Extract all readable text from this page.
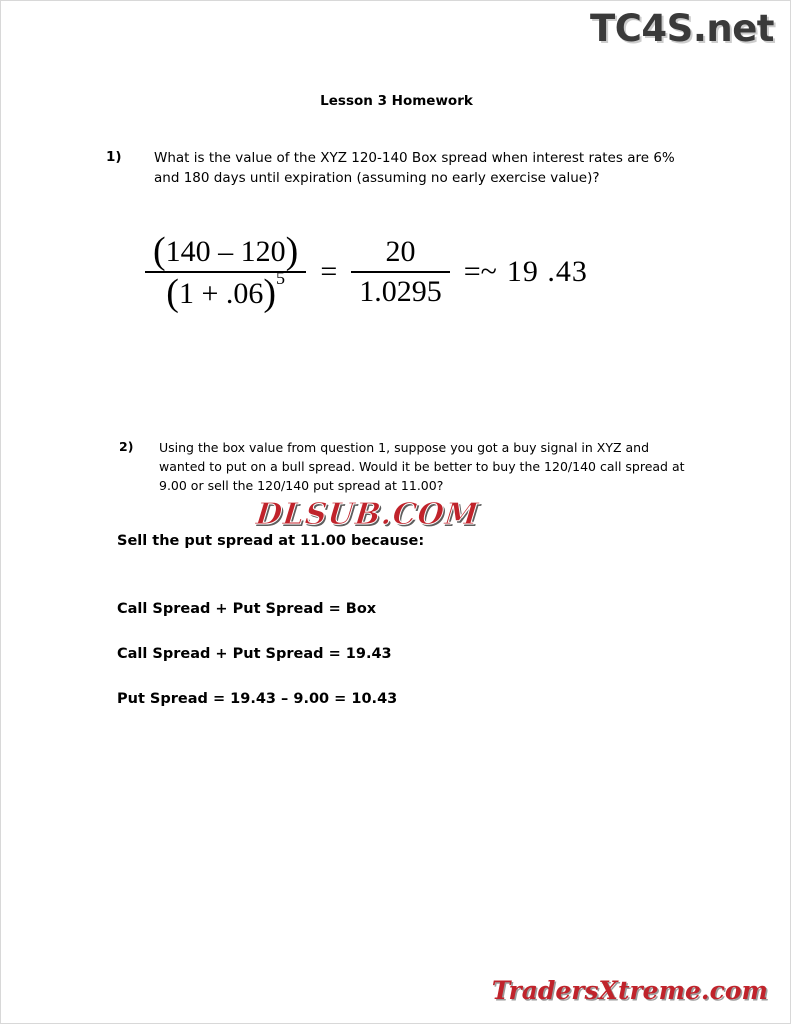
TC4S.net
Lesson 3 Homework
1)	What is the value of the XYZ 120-140 Box spread when interest rates are 6% and 180 days until expiration (assuming no early exercise value)?
$\frac{(140 - 120)}{(1 + .06)^5} = \frac{20}{1.0295}$ =~ 19 .43
2)	Using the box value from question 1, suppose you got a buy signal in XYZ and wanted to put on a bull spread. Would it be better to buy the 120/140 call spread at 9.00 or sell the 120/140 put spread at 11.00?
DLSUB.COM
Sell the put spread at 11.00 because:
Call Spread + Put Spread = Box
Call Spread + Put Spread = 19.43
Put Spread = 19.43 – 9.00 = 10.43
TradersXtreme.com
